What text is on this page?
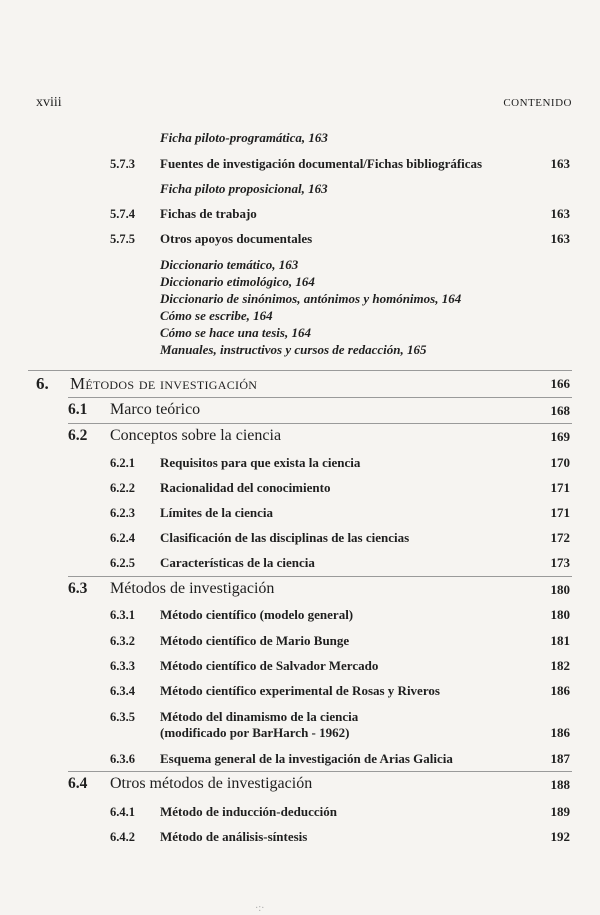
xviii	CONTENIDO
Ficha piloto-programática, 163
5.7.3 Fuentes de investigación documental/Fichas bibliográficas	163
Ficha piloto proposicional, 163
5.7.4 Fichas de trabajo	163
5.7.5 Otros apoyos documentales	163
Diccionario temático, 163
Diccionario etimológico, 164
Diccionario de sinónimos, antónimos y homónimos, 164
Cómo se escribe, 164
Cómo se hace una tesis, 164
Manuales, instructivos y cursos de redacción, 165
6. Métodos de investigación	166
6.1 Marco teórico	168
6.2 Conceptos sobre la ciencia	169
6.2.1 Requisitos para que exista la ciencia	170
6.2.2 Racionalidad del conocimiento	171
6.2.3 Límites de la ciencia	171
6.2.4 Clasificación de las disciplinas de las ciencias	172
6.2.5 Características de la ciencia	173
6.3 Métodos de investigación	180
6.3.1 Método científico (modelo general)	180
6.3.2 Método científico de Mario Bunge	181
6.3.3 Método científico de Salvador Mercado	182
6.3.4 Método científico experimental de Rosas y Riveros	186
6.3.5 Método del dinamismo de la ciencia
(modificado por BarHarch - 1962)	186
6.3.6 Esquema general de la investigación de Arias Galicia	187
6.4 Otros métodos de investigación	188
6.4.1 Método de inducción-deducción	189
6.4.2 Método de análisis-síntesis	192
·:·
